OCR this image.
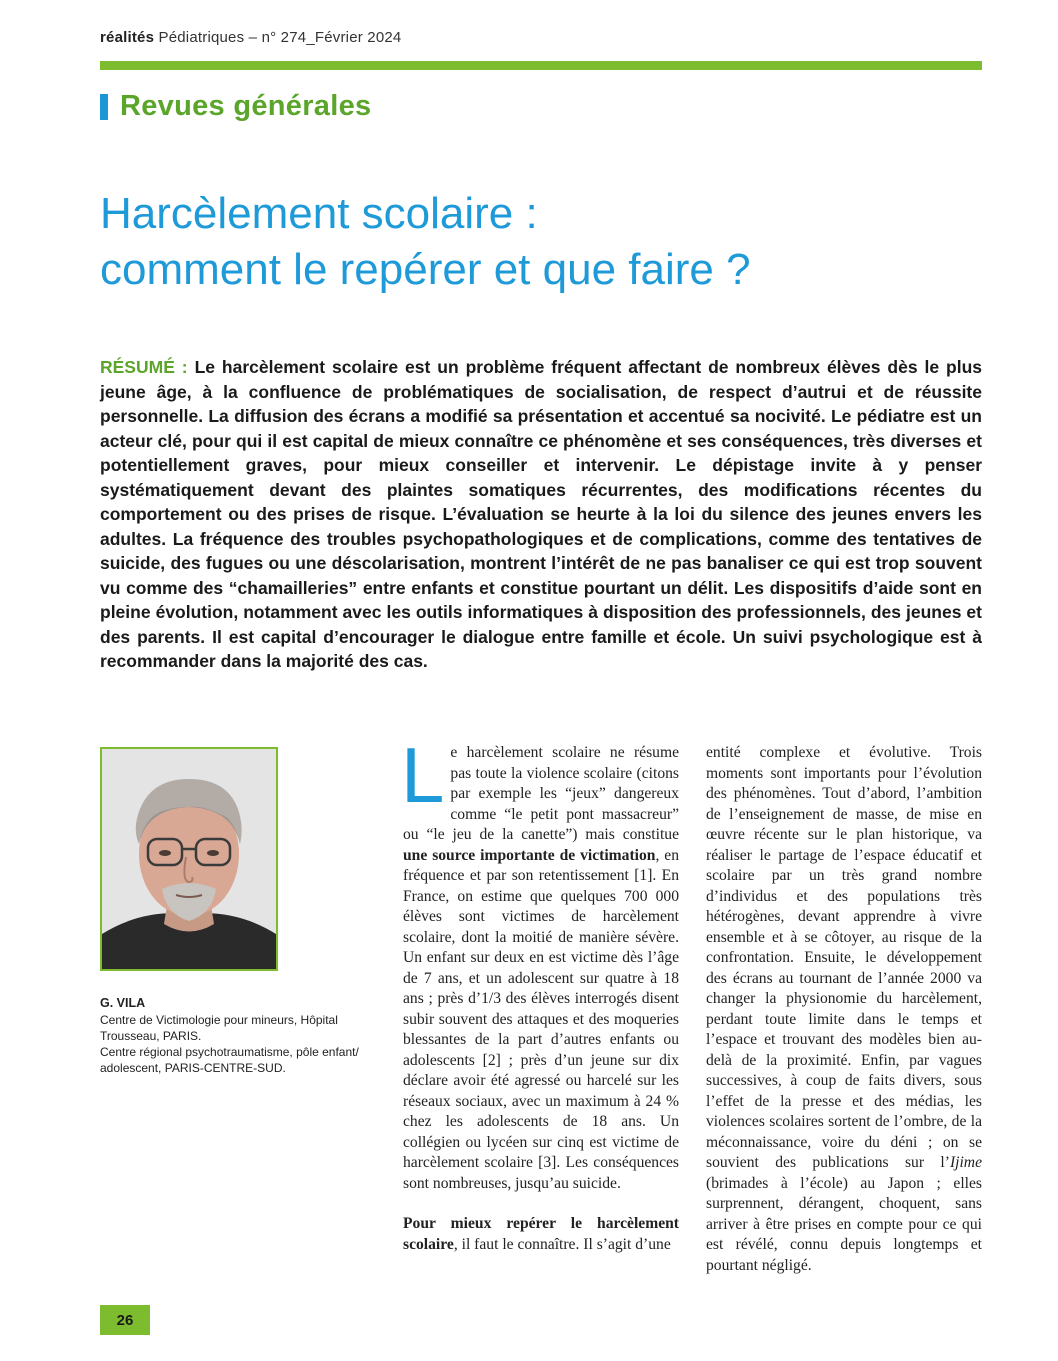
réalités Pédiatriques – n° 274_Février 2024
Revues générales
Harcèlement scolaire :
comment le repérer et que faire ?
RÉSUMÉ : Le harcèlement scolaire est un problème fréquent affectant de nombreux élèves dès le plus jeune âge, à la confluence de problématiques de socialisation, de respect d’autrui et de réussite personnelle. La diffusion des écrans a modifié sa présentation et accentué sa nocivité. Le pédiatre est un acteur clé, pour qui il est capital de mieux connaître ce phénomène et ses conséquences, très diverses et potentiellement graves, pour mieux conseiller et intervenir. Le dépistage invite à y penser systématiquement devant des plaintes somatiques récurrentes, des modifications récentes du comportement ou des prises de risque. L’évaluation se heurte à la loi du silence des jeunes envers les adultes. La fréquence des troubles psychopathologiques et de complications, comme des tentatives de suicide, des fugues ou une déscolarisation, montrent l’intérêt de ne pas banaliser ce qui est trop souvent vu comme des “chamailleries” entre enfants et constitue pourtant un délit. Les dispositifs d’aide sont en pleine évolution, notamment avec les outils informatiques à disposition des professionnels, des jeunes et des parents. Il est capital d’encourager le dialogue entre famille et école. Un suivi psychologique est à recommander dans la majorité des cas.
G. VILA
Centre de Victimologie pour mineurs, Hôpital Trousseau, PARIS.
Centre régional psychotraumatisme, pôle enfant/ adolescent, PARIS-CENTRE-SUD.

Le harcèlement scolaire ne résume pas toute la violence scolaire (citons par exemple les “jeux” dangereux comme “le petit pont massacreur” ou “le jeu de la canette”) mais constitue une source importante de victimation, en fréquence et par son retentissement [1]. En France, on estime que quelques 700 000 élèves sont victimes de harcèlement scolaire, dont la moitié de manière sévère. Un enfant sur deux en est victime dès l’âge de 7 ans, et un adolescent sur quatre à 18 ans ; près d’1/3 des élèves interrogés disent subir souvent des attaques et des moqueries blessantes de la part d’autres enfants ou adolescents [2] ; près d’un jeune sur dix déclare avoir été agressé ou harcelé sur les réseaux sociaux, avec un maximum à 24 % chez les adolescents de 18 ans. Un collégien ou lycéen sur cinq est victime de harcèlement scolaire [3]. Les conséquences sont nombreuses, jusqu’au suicide.

Pour mieux repérer le harcèlement scolaire, il faut le connaître. Il s’agit d’une

entité complexe et évolutive. Trois moments sont importants pour l’évolution des phénomènes. Tout d’abord, l’ambition de l’enseignement de masse, de mise en œuvre récente sur le plan historique, va réaliser le partage de l’espace éducatif et scolaire par un très grand nombre d’individus et des populations très hétérogènes, devant apprendre à vivre ensemble et à se côtoyer, au risque de la confrontation. Ensuite, le développement des écrans au tournant de l’année 2000 va changer la physionomie du harcèlement, perdant toute limite dans le temps et l’espace et trouvant des modèles bien au-delà de la proximité. Enfin, par vagues successives, à coup de faits divers, sous l’effet de la presse et des médias, les violences scolaires sortent de l’ombre, de la méconnaissance, voire du déni ; on se souvient des publications sur l’Ijime (brimades à l’école) au Japon ; elles surprennent, dérangent, choquent, sans arriver à être prises en compte pour ce qui est révélé, connu depuis longtemps et pourtant négligé.

26
